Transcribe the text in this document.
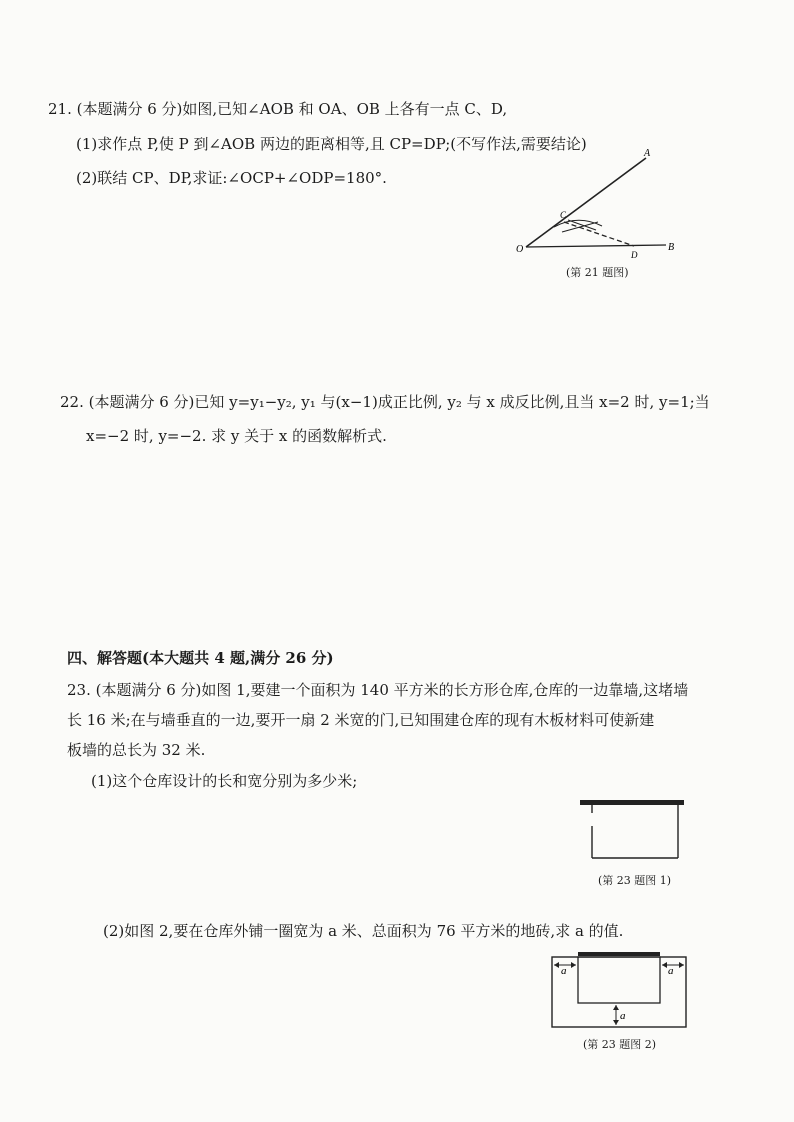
21. (本题满分 6 分)如图,已知∠AOB 和 OA、OB 上各有一点 C、D,
(1)求作点 P,使 P 到∠AOB 两边的距离相等,且 CP=DP;(不写作法,需要结论)
(2)联结 CP、DP,求证:∠OCP+∠ODP=180°.
A
O	B
D
C
(第 21 题图)
22. (本题满分 6 分)已知 y=y₁−y₂, y₁ 与(x−1)成正比例, y₂ 与 x 成反比例,且当 x=2 时, y=1;当
x=−2 时, y=−2. 求 y 关于 x 的函数解析式.
四、解答题(本大题共 4 题,满分 26 分)
23. (本题满分 6 分)如图 1,要建一个面积为 140 平方米的长方形仓库,仓库的一边靠墙,这堵墙
长 16 米;在与墙垂直的一边,要开一扇 2 米宽的门,已知围建仓库的现有木板材料可使新建
板墙的总长为 32 米.
(1)这个仓库设计的长和宽分别为多少米;
(第 23 题图 1)
(2)如图 2,要在仓库外铺一圈宽为 a 米、总面积为 76 平方米的地砖,求 a 的值.
a	a
a
(第 23 题图 2)
